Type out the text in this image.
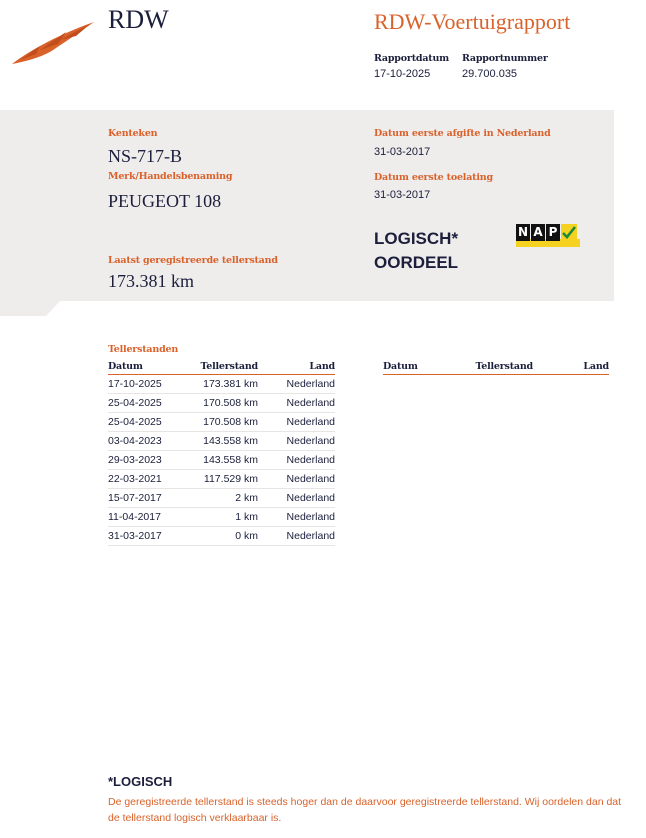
RDW	RDW-Voertuigrapport
Rapportdatum
17-10-2025
Rapportnummer
29.700.035
Kenteken
NS-717-B
Merk/Handelsbenaming
PEUGEOT 108
Datum eerste afgifte in Nederland
31-03-2017
Datum eerste toelating
31-03-2017
LOGISCH*
OORDEEL
N A P
Laatst geregistreerde tellerstand
173.381 km
Tellerstanden
Datum	Tellerstand	Land
17-10-2025	173.381 km	Nederland
25-04-2025	170.508 km	Nederland
25-04-2025	170.508 km	Nederland
03-04-2023	143.558 km	Nederland
29-03-2023	143.558 km	Nederland
22-03-2021	117.529 km	Nederland
15-07-2017	2 km	Nederland
11-04-2017	1 km	Nederland
31-03-2017	0 km	Nederland
Datum	Tellerstand	Land
*LOGISCH
De geregistreerde tellerstand is steeds hoger dan de daarvoor geregistreerde tellerstand. Wij oordelen dan dat de tellerstand logisch verklaarbaar is.
